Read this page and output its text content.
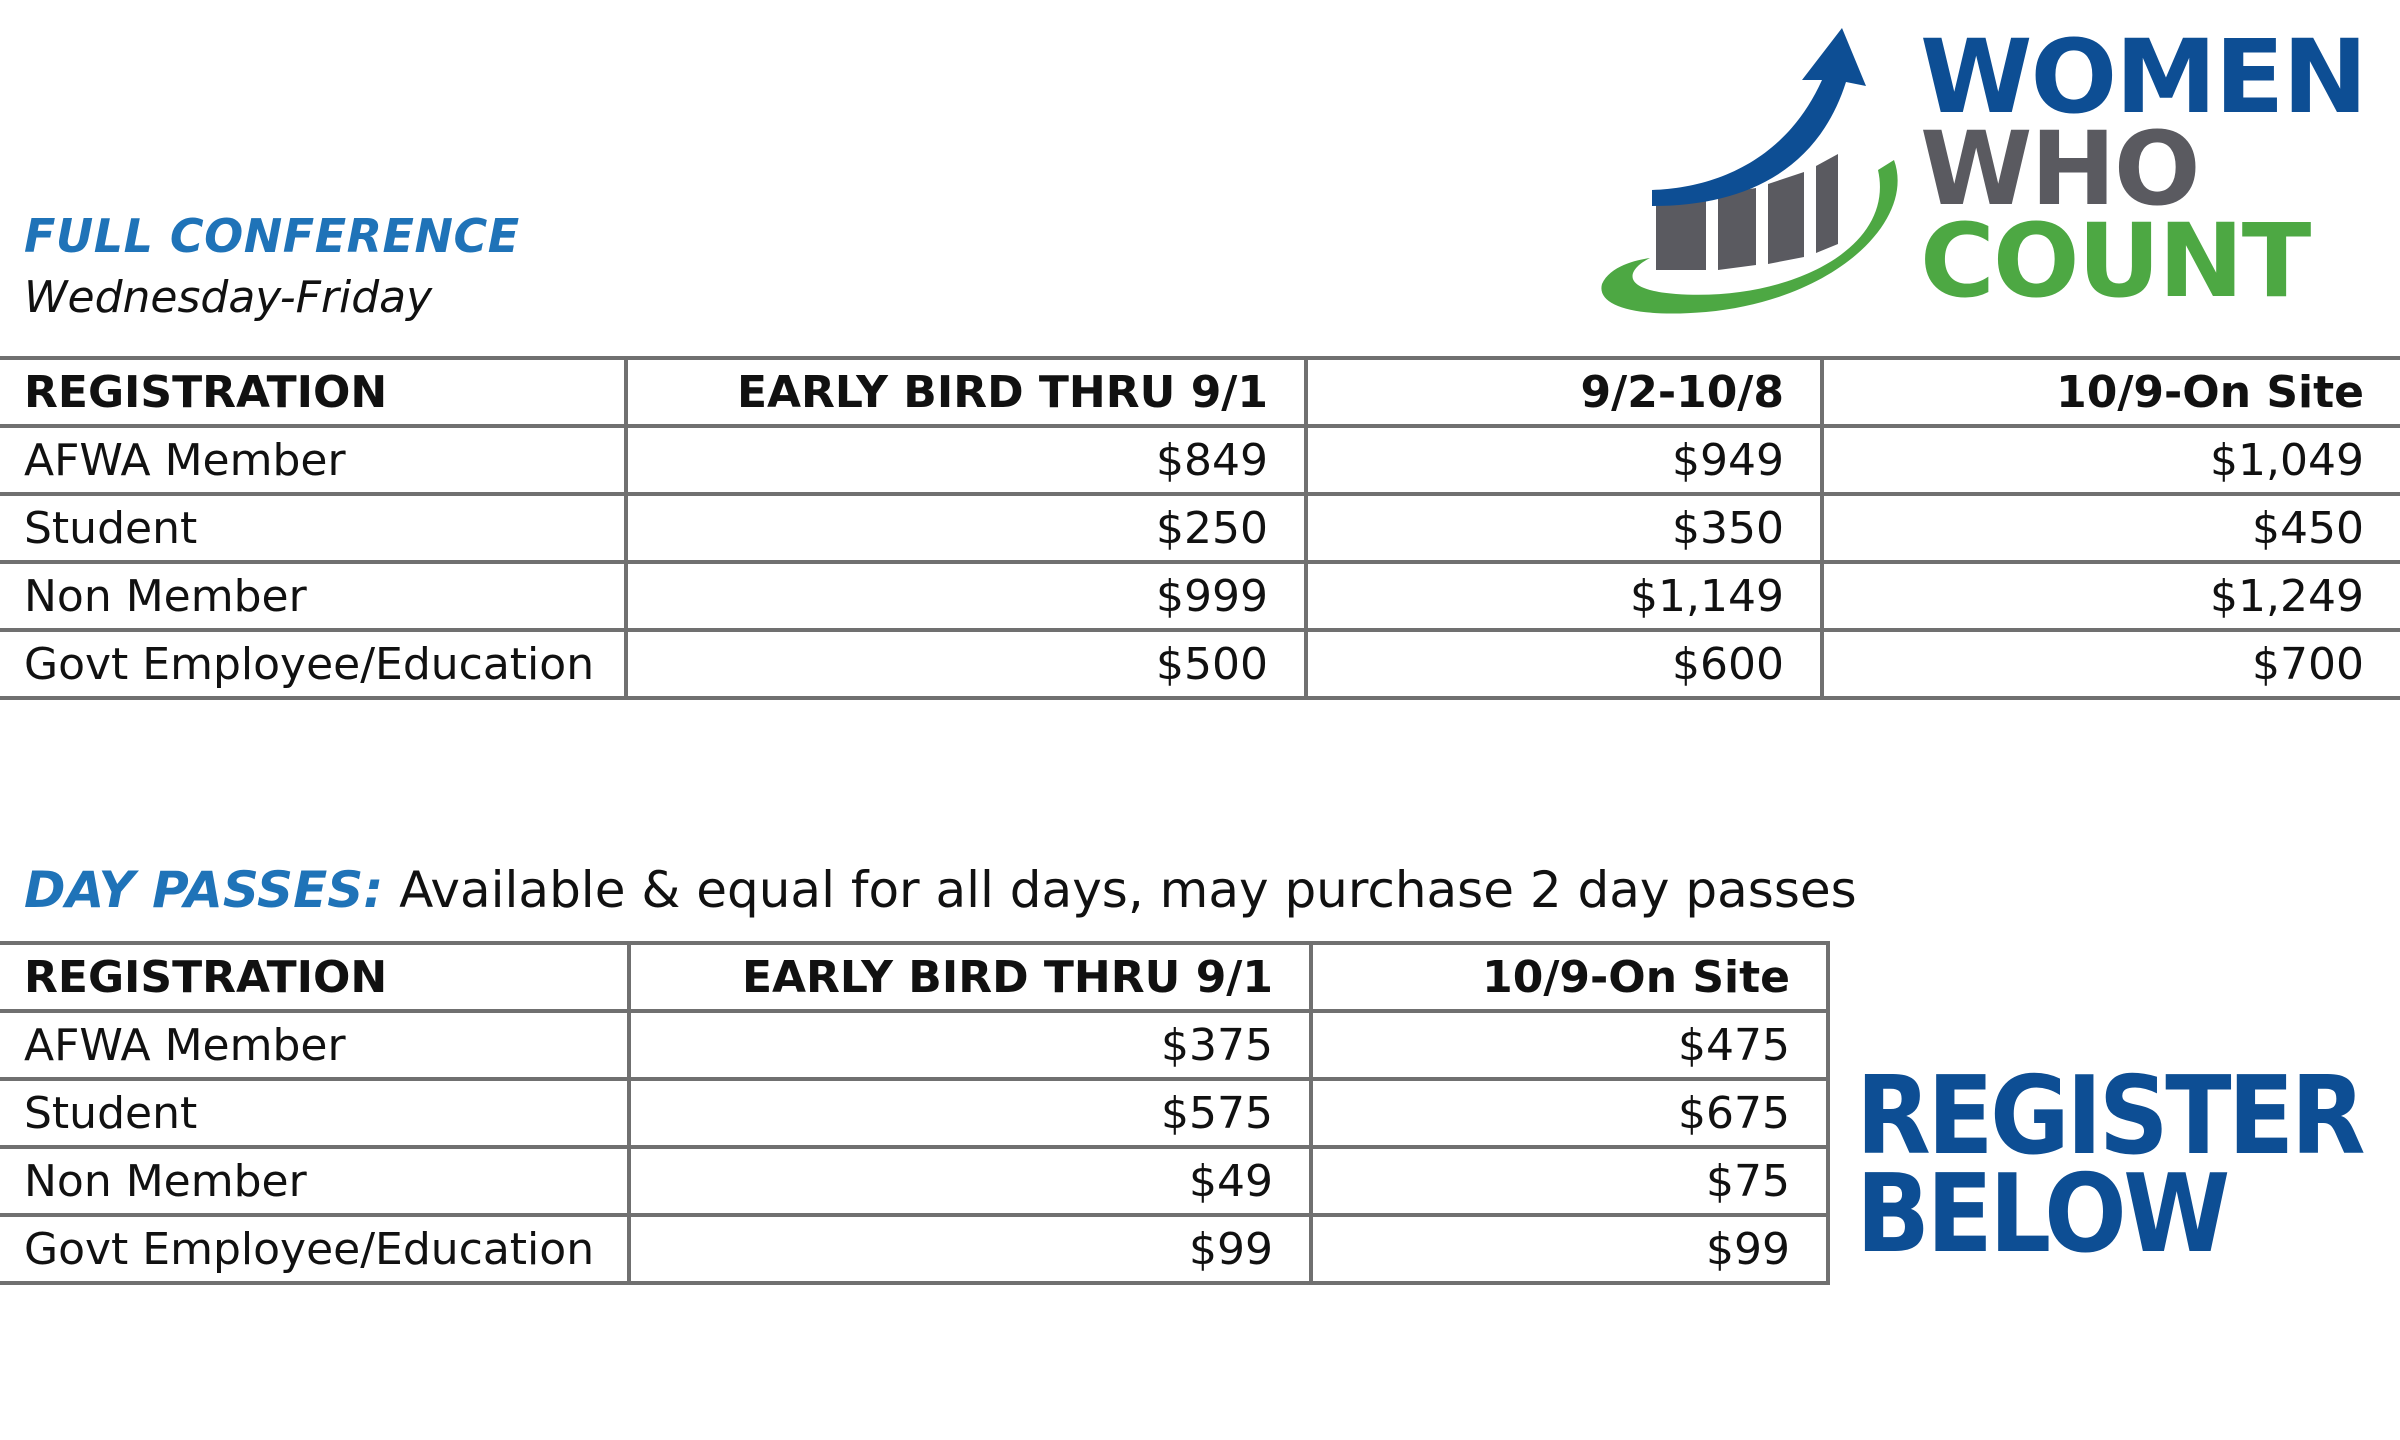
WOMEN

WHO

COUNT

FULL CONFERENCE

Wednesday-Friday

REGISTRATION	EARLY BIRD THRU 9/1	9/2-10/8	10/9-On Site
AFWA Member	$849	$949	$1,049
Student	$250	$350	$450
Non Member	$999	$1,149	$1,249
Govt Employee/Education	$500	$600	$700

DAY PASSES: Available & equal for all days, may purchase 2 day passes

REGISTRATION	EARLY BIRD THRU 9/1	10/9-On Site
AFWA Member	$375	$475
Student	$575	$675
Non Member	$49	$75
Govt Employee/Education	$99	$99
REGISTER
BELOW
